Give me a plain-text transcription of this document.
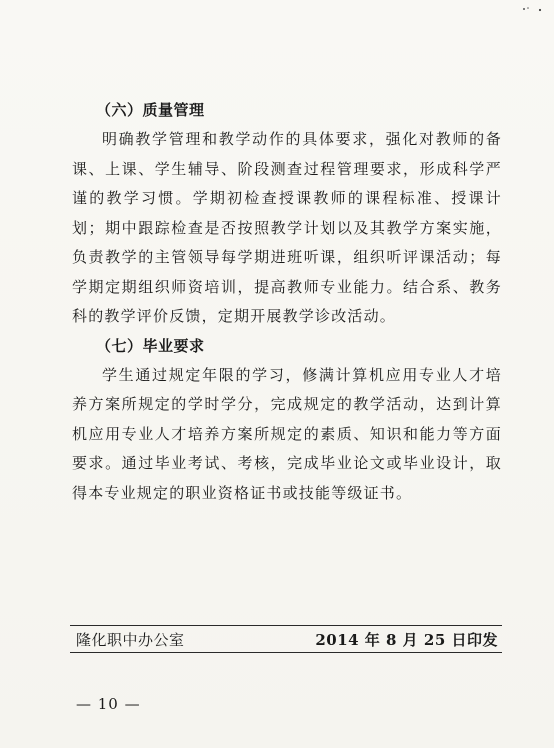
（六）质量管理

明确教学管理和教学动作的具体要求，强化对教师的备课、上课、学生辅导、阶段测查过程管理要求，形成科学严谨的教学习惯。学期初检查授课教师的课程标准、授课计划；期中跟踪检查是否按照教学计划以及其教学方案实施，负责教学的主管领导每学期进班听课，组织听评课活动；每学期定期组织师资培训，提高教师专业能力。结合系、教务科的教学评价反馈，定期开展教学诊改活动。

（七）毕业要求

学生通过规定年限的学习，修满计算机应用专业人才培养方案所规定的学时学分，完成规定的教学活动，达到计算机应用专业人才培养方案所规定的素质、知识和能力等方面要求。通过毕业考试、考核，完成毕业论文或毕业设计，取得本专业规定的职业资格证书或技能等级证书。

隆化职中办公室	2014 年 8 月 25 日印发
— 10 —
